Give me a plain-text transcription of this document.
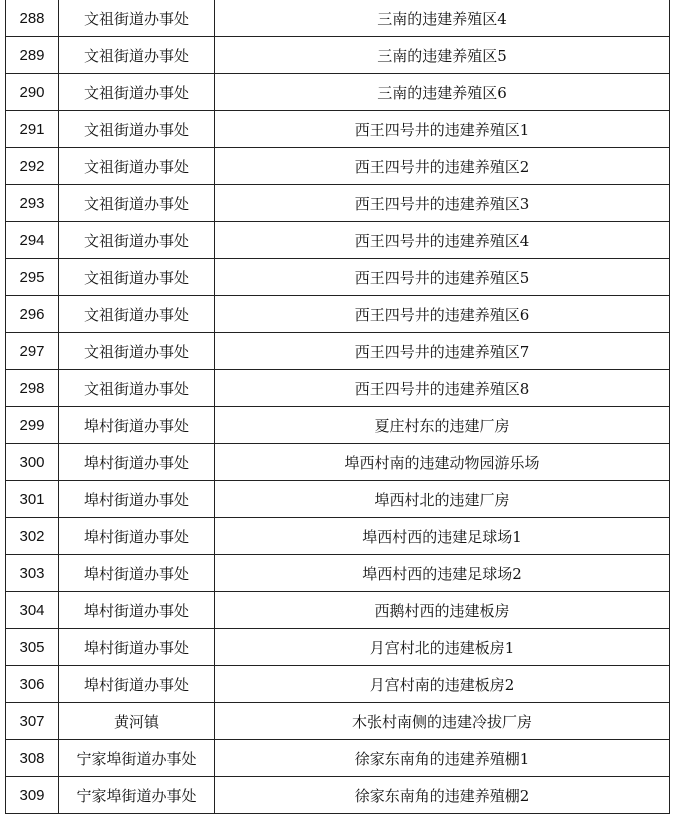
288	文祖街道办事处	三南的违建养殖区4
289	文祖街道办事处	三南的违建养殖区5
290	文祖街道办事处	三南的违建养殖区6
291	文祖街道办事处	西王四号井的违建养殖区1
292	文祖街道办事处	西王四号井的违建养殖区2
293	文祖街道办事处	西王四号井的违建养殖区3
294	文祖街道办事处	西王四号井的违建养殖区4
295	文祖街道办事处	西王四号井的违建养殖区5
296	文祖街道办事处	西王四号井的违建养殖区6
297	文祖街道办事处	西王四号井的违建养殖区7
298	文祖街道办事处	西王四号井的违建养殖区8
299	埠村街道办事处	夏庄村东的违建厂房
300	埠村街道办事处	埠西村南的违建动物园游乐场
301	埠村街道办事处	埠西村北的违建厂房
302	埠村街道办事处	埠西村西的违建足球场1
303	埠村街道办事处	埠西村西的违建足球场2
304	埠村街道办事处	西鹅村西的违建板房
305	埠村街道办事处	月宫村北的违建板房1
306	埠村街道办事处	月宫村南的违建板房2
307	黄河镇	木张村南侧的违建冷拔厂房
308	宁家埠街道办事处	徐家东南角的违建养殖棚1
309	宁家埠街道办事处	徐家东南角的违建养殖棚2
